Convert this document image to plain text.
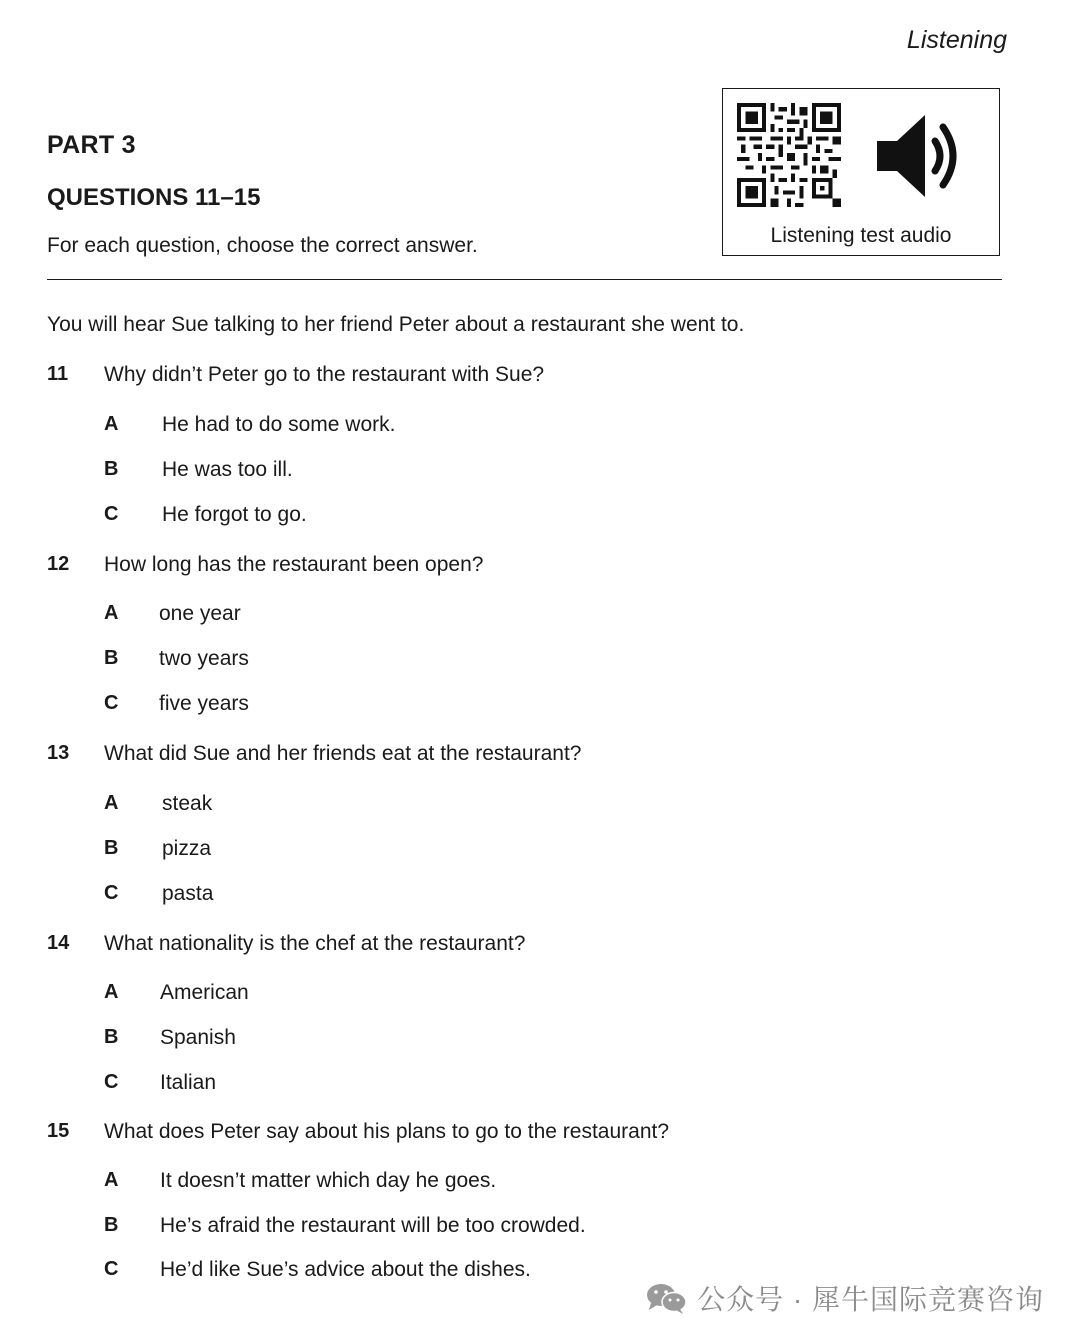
Listening
PART 3
QUESTIONS 11–15
For each question, choose the correct answer.	Listening test audio
You will hear Sue talking to her friend Peter about a restaurant she went to.
11 Why didn’t Peter go to the restaurant with Sue?
A He had to do some work.
B He was too ill.
C He forgot to go.
12 How long has the restaurant been open?
A one year
B two years
C five years
13 What did Sue and her friends eat at the restaurant?
A steak
B pizza
C pasta
14 What nationality is the chef at the restaurant?
A American
B Spanish
C Italian
15 What does Peter say about his plans to go to the restaurant?
A It doesn’t matter which day he goes.
B He’s afraid the restaurant will be too crowded.
C He’d like Sue’s advice about the dishes.
公众号 · 犀牛国际竞赛咨询
